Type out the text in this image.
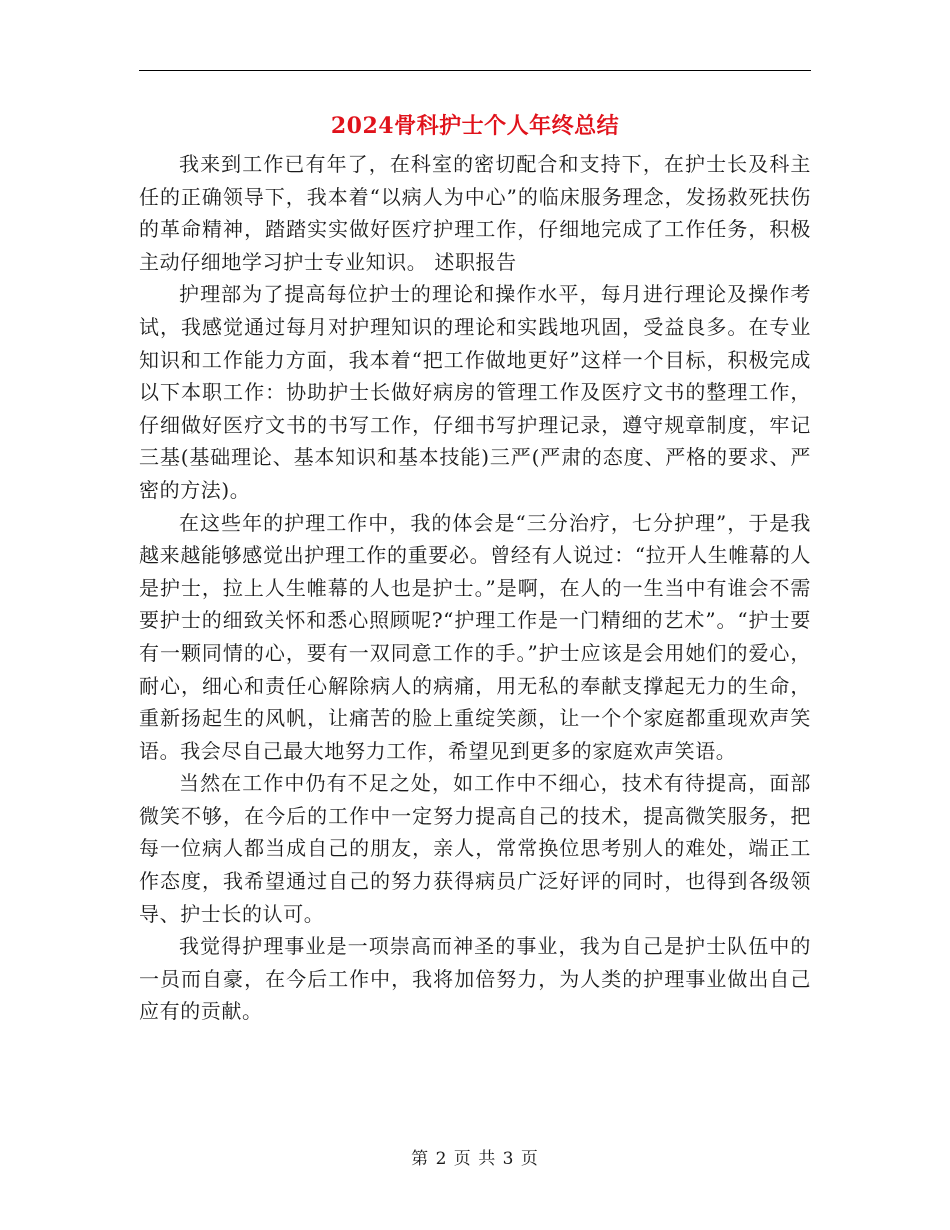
2024骨科护士个人年终总结

我来到工作已有年了，在科室的密切配合和支持下，在护士长及科主任的正确领导下，我本着“以病人为中心”的临床服务理念，发扬救死扶伤的革命精神，踏踏实实做好医疗护理工作，仔细地完成了工作任务，积极主动仔细地学习护士专业知识。 述职报告

护理部为了提高每位护士的理论和操作水平，每月进行理论及操作考试，我感觉通过每月对护理知识的理论和实践地巩固，受益良多。在专业知识和工作能力方面，我本着“把工作做地更好”这样一个目标，积极完成以下本职工作：协助护士长做好病房的管理工作及医疗文书的整理工作，仔细做好医疗文书的书写工作，仔细书写护理记录，遵守规章制度，牢记三基(基础理论、基本知识和基本技能)三严(严肃的态度、严格的要求、严密的方法)。

在这些年的护理工作中，我的体会是“三分治疗，七分护理”，于是我越来越能够感觉出护理工作的重要必。曾经有人说过：“拉开人生帷幕的人是护士，拉上人生帷幕的人也是护士。”是啊，在人的一生当中有谁会不需要护士的细致关怀和悉心照顾呢?“护理工作是一门精细的艺术”。“护士要有一颗同情的心，要有一双同意工作的手。”护士应该是会用她们的爱心，耐心，细心和责任心解除病人的病痛，用无私的奉献支撑起无力的生命，重新扬起生的风帆，让痛苦的脸上重绽笑颜，让一个个家庭都重现欢声笑语。我会尽自己最大地努力工作，希望见到更多的家庭欢声笑语。

当然在工作中仍有不足之处，如工作中不细心，技术有待提高，面部微笑不够，在今后的工作中一定努力提高自己的技术，提高微笑服务，把每一位病人都当成自己的朋友，亲人，常常换位思考别人的难处，端正工作态度，我希望通过自己的努力获得病员广泛好评的同时，也得到各级领导、护士长的认可。

我觉得护理事业是一项崇高而神圣的事业，我为自己是护士队伍中的一员而自豪，在今后工作中，我将加倍努力，为人类的护理事业做出自己应有的贡献。

第 2 页 共 3 页
